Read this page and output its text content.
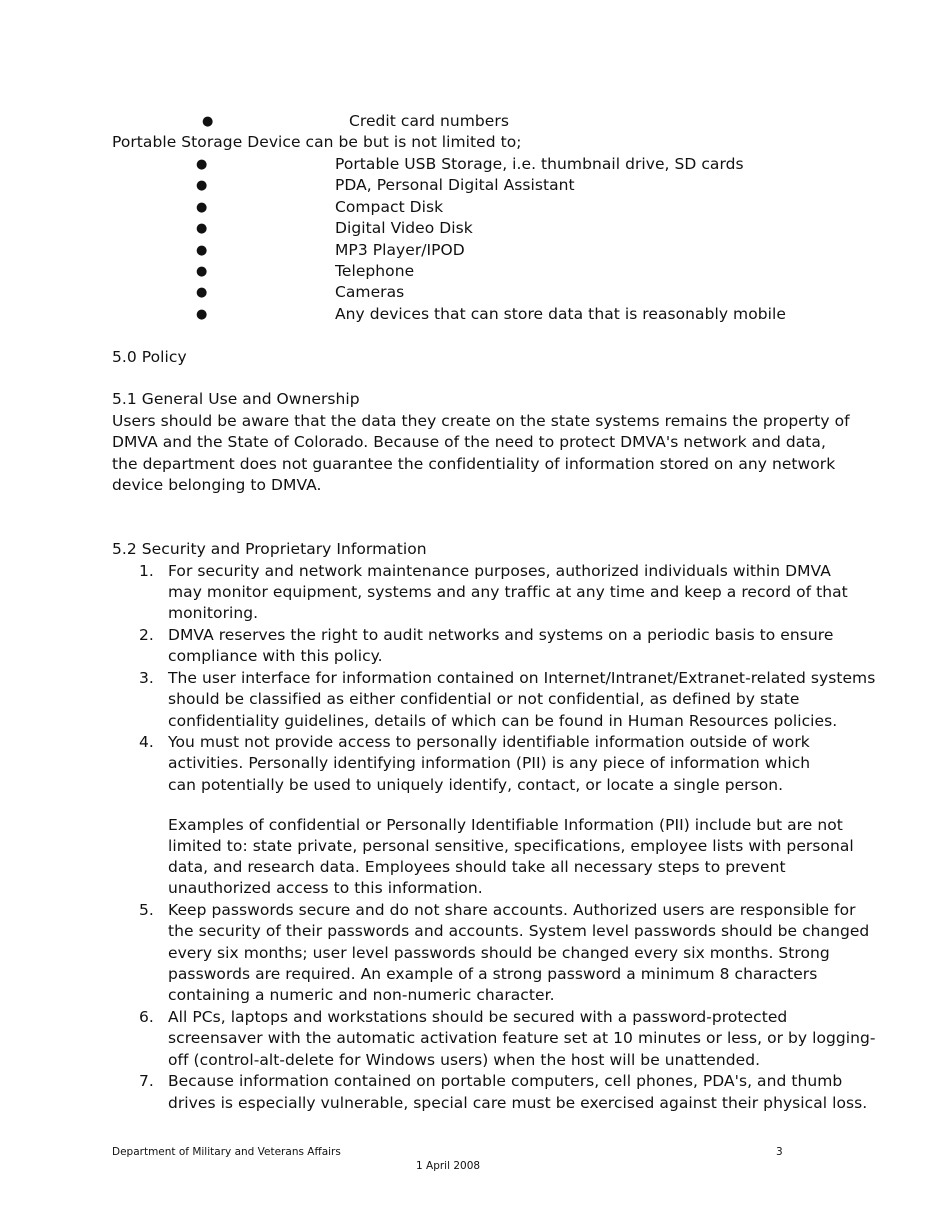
●	Credit card numbers
Portable Storage Device can be but is not limited to;
●	Portable USB Storage, i.e. thumbnail drive, SD cards
●	PDA, Personal Digital Assistant
●	Compact Disk
●	Digital Video Disk
●	MP3 Player/IPOD
●	Telephone
●	Cameras
●	Any devices that can store data that is reasonably mobile
5.0 Policy
5.1 General Use and Ownership
Users should be aware that the data they create on the state systems remains the property of
DMVA and the State of Colorado. Because of the need to protect DMVA's network and data,
the department does not guarantee the confidentiality of information stored on any network
device belonging to DMVA.
5.2 Security and Proprietary Information
1. For security and network maintenance purposes, authorized individuals within DMVA
may monitor equipment, systems and any traffic at any time and keep a record of that
monitoring.
2. DMVA reserves the right to audit networks and systems on a periodic basis to ensure
compliance with this policy.
3. The user interface for information contained on Internet/Intranet/Extranet-related systems
should be classified as either confidential or not confidential, as defined by state
confidentiality guidelines, details of which can be found in Human Resources policies.
4. You must not provide access to personally identifiable information outside of work
activities. Personally identifying information (PII) is any piece of information which
can potentially be used to uniquely identify, contact, or locate a single person.
Examples of confidential or Personally Identifiable Information (PII) include but are not
limited to: state private, personal sensitive, specifications, employee lists with personal
data, and research data. Employees should take all necessary steps to prevent
unauthorized access to this information.
5. Keep passwords secure and do not share accounts. Authorized users are responsible for
the security of their passwords and accounts. System level passwords should be changed
every six months; user level passwords should be changed every six months. Strong
passwords are required. An example of a strong password a minimum 8 characters
containing a numeric and non-numeric character.
6. All PCs, laptops and workstations should be secured with a password-protected
screensaver with the automatic activation feature set at 10 minutes or less, or by logging-
off (control-alt-delete for Windows users) when the host will be unattended.
7. Because information contained on portable computers, cell phones, PDA's, and thumb
drives is especially vulnerable, special care must be exercised against their physical loss.
Department of Military and Veterans Affairs	3
1 April 2008
